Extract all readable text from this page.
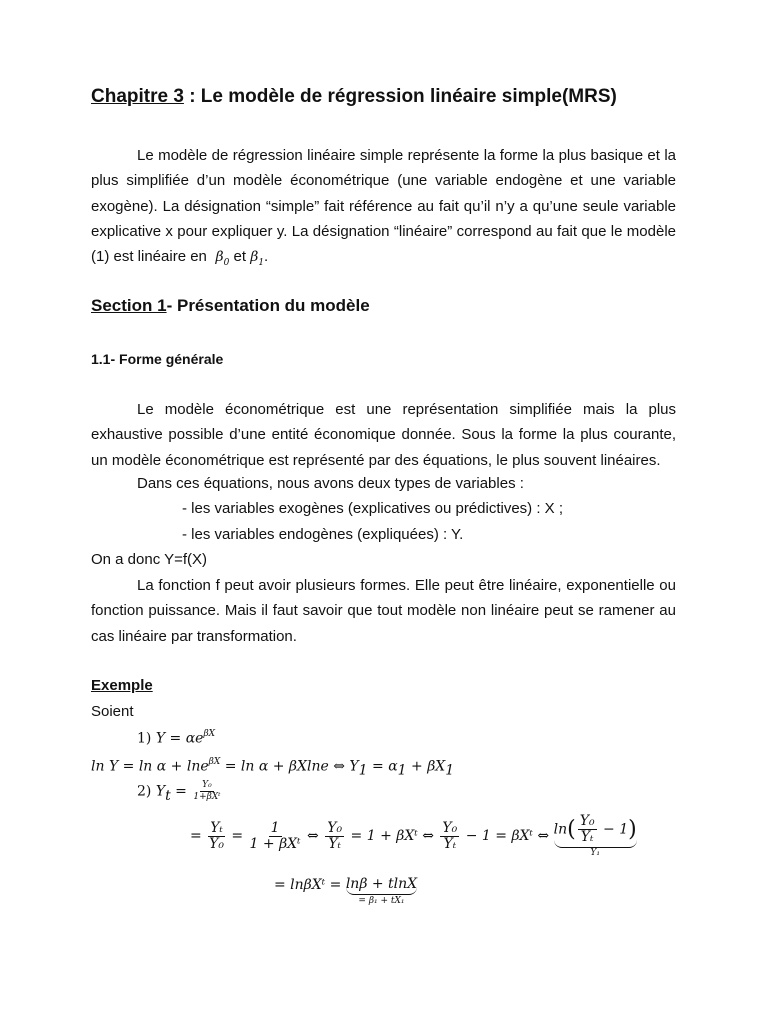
Chapitre 3 : Le modèle de régression linéaire simple(MRS)

Le modèle de régression linéaire simple représente la forme la plus basique et la plus simplifiée d’un modèle économétrique (une variable endogène et une variable exogène). La désignation “simple” fait référence au fait qu’il n’y a qu’une seule variable explicative x pour expliquer y. La désignation “linéaire” correspond au fait que le modèle (1) est linéaire en $\beta_0$ et $\beta_1$.

Section 1- Présentation du modèle
1.1- Forme générale

Le modèle économétrique est une représentation simplifiée mais la plus exhaustive possible d’une entité économique donnée. Sous la forme la plus courante, un modèle économétrique est représenté par des équations, le plus souvent linéaires.

Dans ces équations, nous avons deux types de variables :
- les variables exogènes (explicatives ou prédictives) : X ;
- les variables endogènes (expliquées) : Y.
On a donc Y=f(X)

La fonction f peut avoir plusieurs formes. Elle peut être linéaire, exponentielle ou fonction puissance. Mais il faut savoir que tout modèle non linéaire peut se ramener au cas linéaire par transformation.

Exemple
Soient
1) $Y = \alpha e^{\beta X}$
ln Y = ln α + lne$^{\beta X}$ = ln α + βXlne ⇔ $Y_1 = \alpha_1 + \beta X_1$
2) $Y_t = \frac{\text{Y₀}}{\text{1+βXᵗ}}$
= $\frac{\text{Yₜ}}{\text{Y₀}} = \frac{1}{\text{1 + βXᵗ}}$ ⇔ $\frac{\text{Y₀}}{\text{Yₜ}} = 1$ + βXᵗ ⇔ $\frac{\text{Y₀}}{\text{Yₜ}} - 1$ = βXᵗ ⇔ $\ln( \frac{\text{Y₀}}{\text{Yₜ}} - 1)$
Y₁
= lnβXᵗ = lnβ + tlnX
= β₁ + tX₁
